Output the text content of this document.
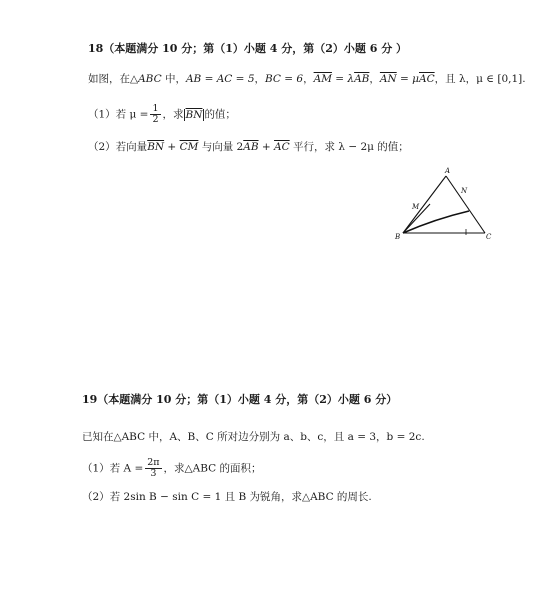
18（本题满分 10 分；第（1）小题 4 分，第（2）小题 6 分 ）
如图，在△ABC 中，AB = AC = 5，BC = 6，$\overline{AM} = \lambda\overline{AB}$，$\overline{AN} = \mu\overline{AC}$，且 λ，μ ∈ [0,1].
（1）若 $\mu = \frac{1}{2}$ ，求 $\overline{BN}$ 的值；
（2）若向量$\overline{BN} + \overline{CM}$ 与向量 $2\overline{AB} + \overline{AC}$ 平行，求 λ − 2μ 的值；
A
N
M
B	C
19（本题满分 10 分；第（1）小题 4 分，第（2）小题 6 分）
已知在△ABC 中，A、B、C 所对边分别为 a、b、c，且 a = 3，b = 2c.
（1）若 $A = \frac{2\pi}{3}$ ，求△ABC 的面积；
（2）若 2sin B − sin C = 1 且 B 为锐角，求△ABC 的周长.
